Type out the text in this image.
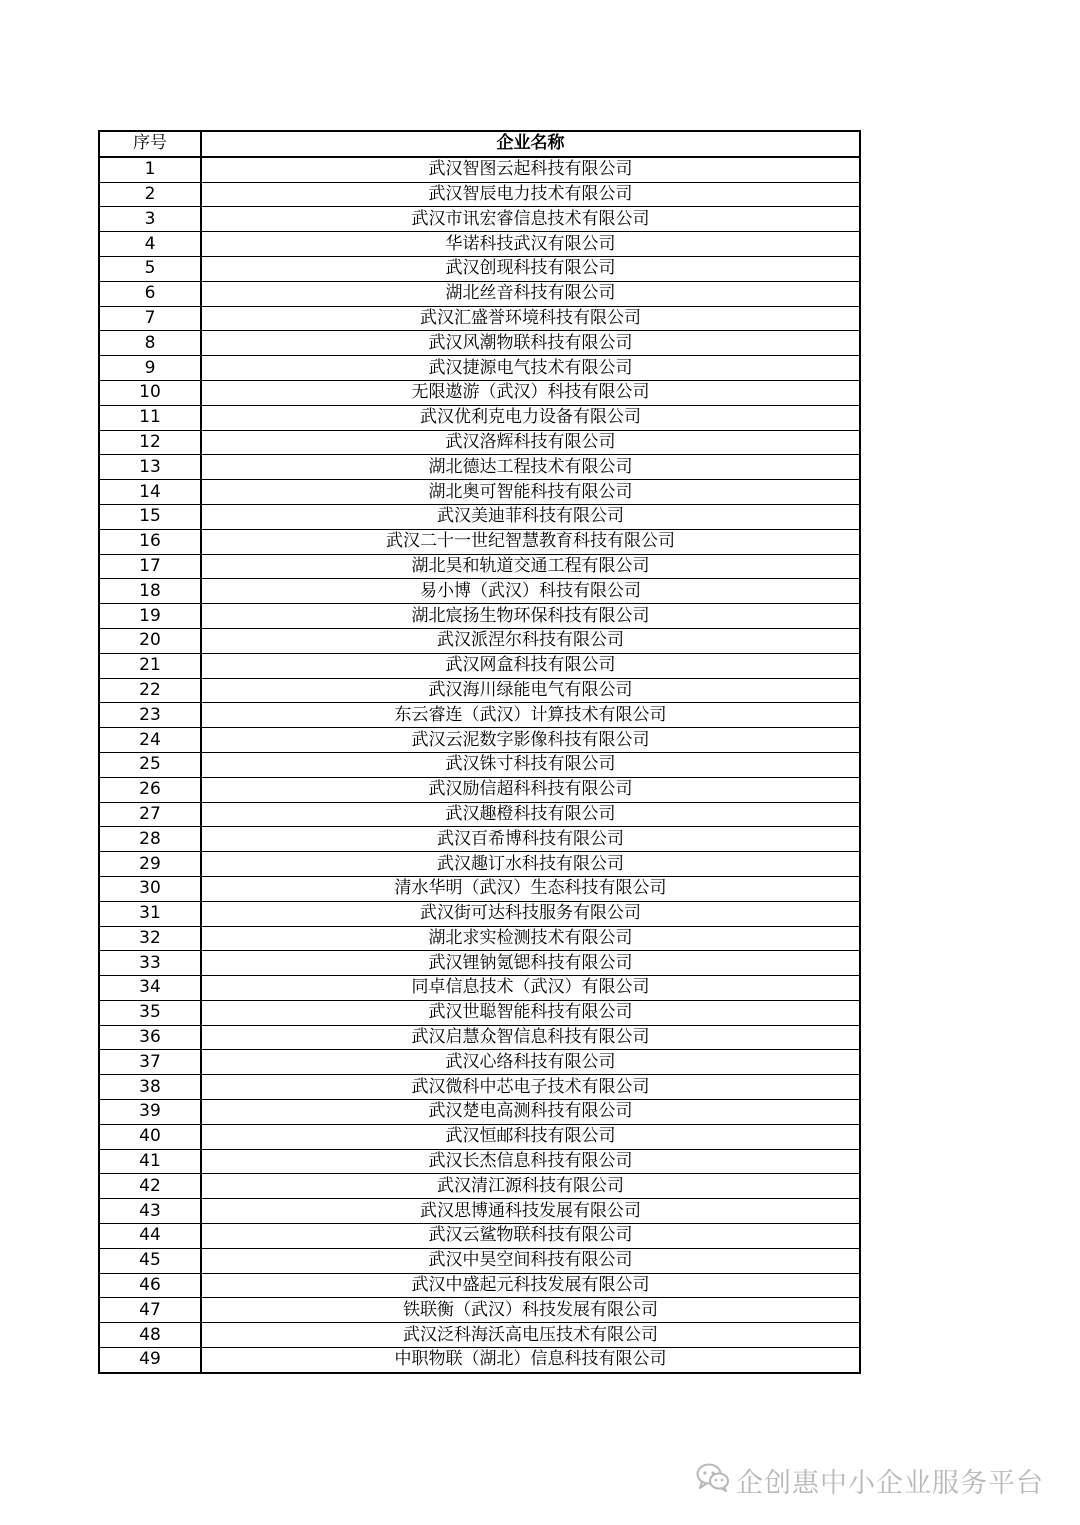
序号	企业名称
1	武汉智图云起科技有限公司
2	武汉智辰电力技术有限公司
3	武汉市讯宏睿信息技术有限公司
4	华诺科技武汉有限公司
5	武汉创现科技有限公司
6	湖北丝音科技有限公司
7	武汉汇盛誉环境科技有限公司
8	武汉风潮物联科技有限公司
9	武汉捷源电气技术有限公司
10	无限遨游（武汉）科技有限公司
11	武汉优利克电力设备有限公司
12	武汉洛辉科技有限公司
13	湖北德达工程技术有限公司
14	湖北奥可智能科技有限公司
15	武汉美迪菲科技有限公司
16	武汉二十一世纪智慧教育科技有限公司
17	湖北昊和轨道交通工程有限公司
18	易小博（武汉）科技有限公司
19	湖北宸扬生物环保科技有限公司
20	武汉派涅尔科技有限公司
21	武汉网盒科技有限公司
22	武汉海川绿能电气有限公司
23	东云睿连（武汉）计算技术有限公司
24	武汉云泥数字影像科技有限公司
25	武汉铢寸科技有限公司
26	武汉励信超科科技有限公司
27	武汉趣橙科技有限公司
28	武汉百希博科技有限公司
29	武汉趣订水科技有限公司
30	清水华明（武汉）生态科技有限公司
31	武汉街可达科技服务有限公司
32	湖北求实检测技术有限公司
33	武汉锂钠氪锶科技有限公司
34	同卓信息技术（武汉）有限公司
35	武汉世聪智能科技有限公司
36	武汉启慧众智信息科技有限公司
37	武汉心络科技有限公司
38	武汉微科中芯电子技术有限公司
39	武汉楚电高测科技有限公司
40	武汉恒邮科技有限公司
41	武汉长杰信息科技有限公司
42	武汉清江源科技有限公司
43	武汉思博通科技发展有限公司
44	武汉云鲨物联科技有限公司
45	武汉中昊空间科技有限公司
46	武汉中盛起元科技发展有限公司
47	铁联衡（武汉）科技发展有限公司
48	武汉泛科海沃高电压技术有限公司
49	中职物联（湖北）信息科技有限公司
企创惠中小企业服务平台
